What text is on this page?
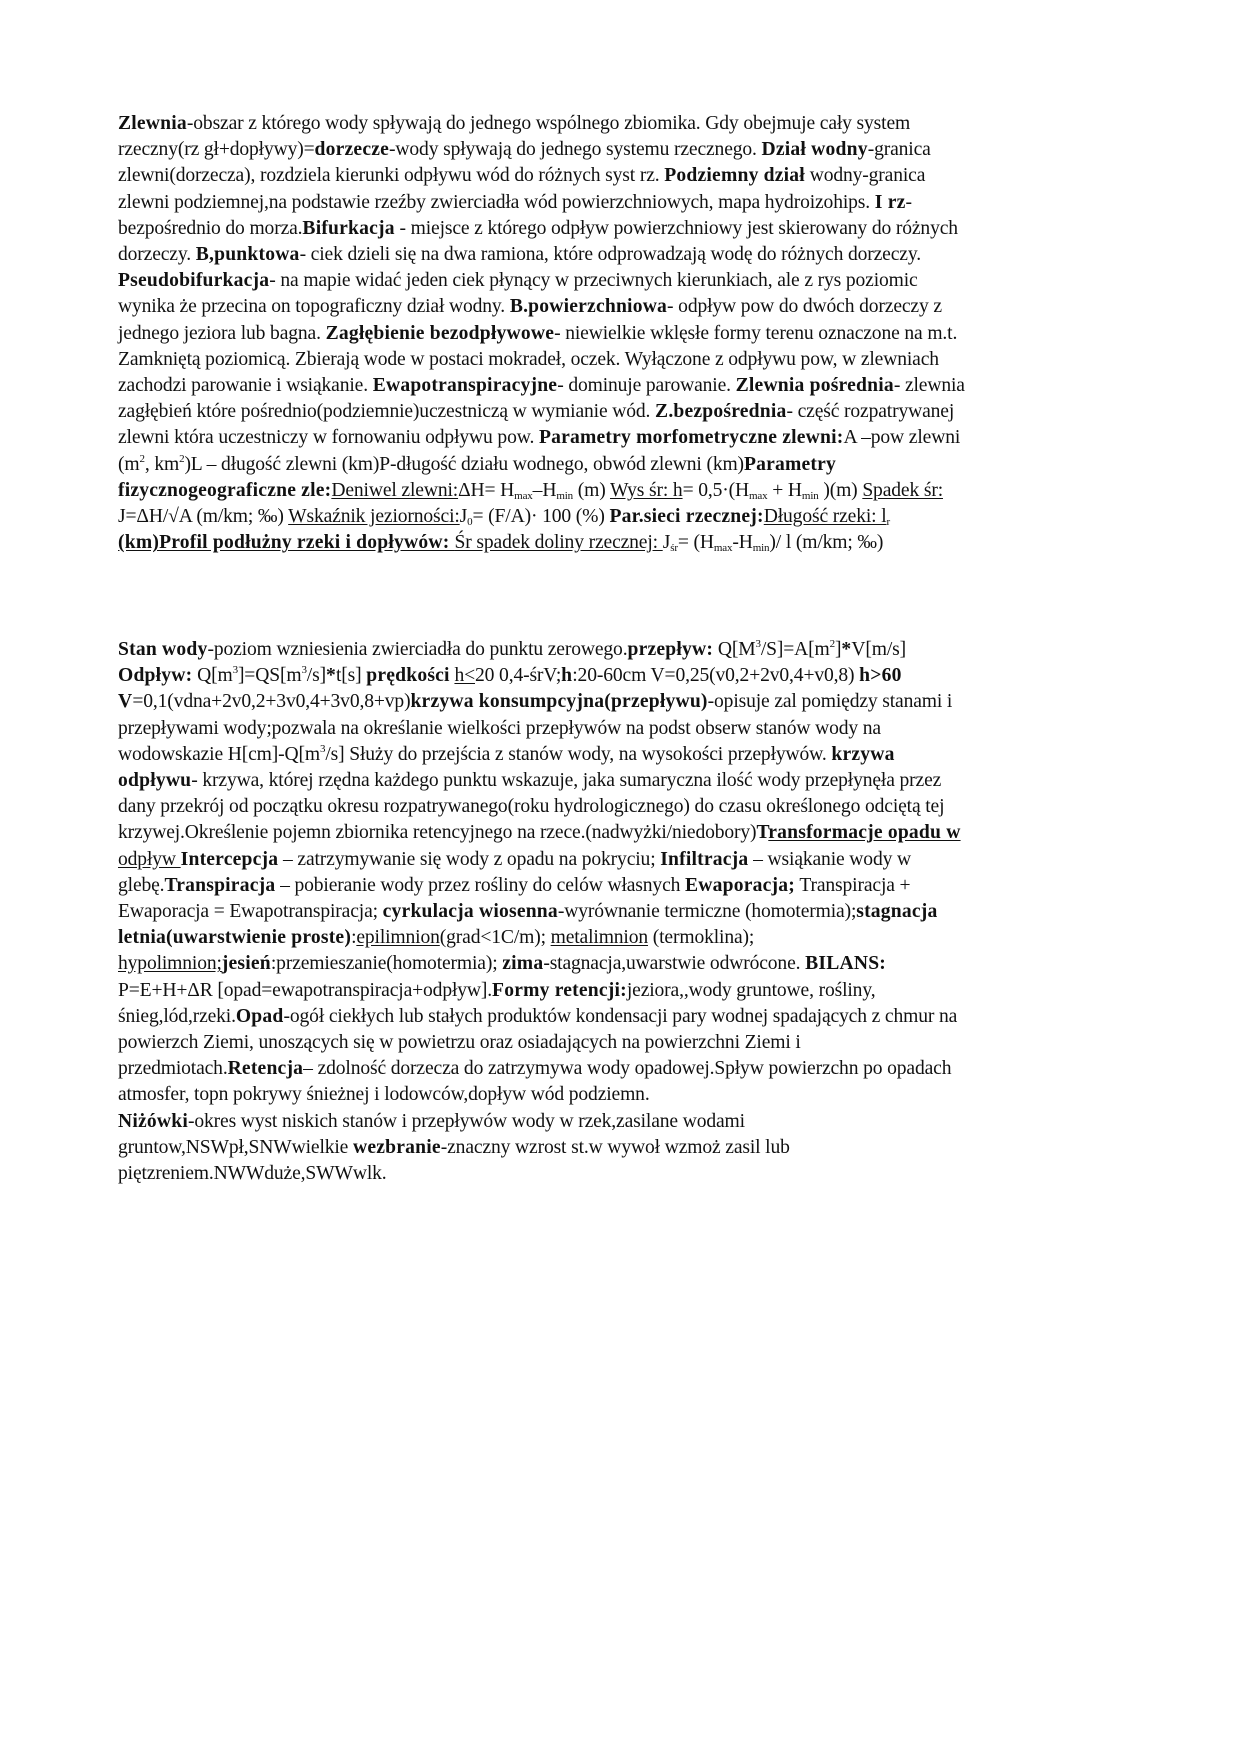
Zlewnia-obszar z którego wody spływają do jednego wspólnego zbiomika. Gdy obejmuje cały system
rzeczny(rz gł+dopływy)=dorzecze-wody spływają do jednego systemu rzecznego. Dział wodny-granica
zlewni(dorzecza), rozdziela kierunki odpływu wód do różnych syst rz. Podziemny dział wodny-granica
zlewni podziemnej,na podstawie rzeźby zwierciadła wód powierzchniowych, mapa hydroizohips. I rz-
bezpośrednio do morza.Bifurkacja - miejsce z którego odpływ powierzchniowy jest skierowany do różnych
dorzeczy. B,punktowa- ciek dzieli się na dwa ramiona, które odprowadzają wodę do różnych dorzeczy.
Pseudobifurkacja- na mapie widać jeden ciek płynący w przeciwnych kierunkiach, ale z rys poziomic
wynika że przecina on topograficzny dział wodny. B.powierzchniowa- odpływ pow do dwóch dorzeczy z
jednego jeziora lub bagna. Zagłębienie bezodpływowe- niewielkie wklęsłe formy terenu oznaczone na m.t.
Zamkniętą poziomicą. Zbierają wode w postaci mokradeł, oczek. Wyłączone z odpływu pow, w zlewniach
zachodzi parowanie i wsiąkanie. Ewapotranspiracyjne- dominuje parowanie. Zlewnia pośrednia- zlewnia
zagłębień które pośrednio(podziemnie)uczestniczą w wymianie wód. Z.bezpośrednia- część rozpatrywanej
zlewni która uczestniczy w fornowaniu odpływu pow. Parametry morfometryczne zlewni:A –pow zlewni
($m^2$, $km^2)L$ – długość zlewni (km)P-długość działu wodnego, obwód zlewni (km)Parametry
fizycznogeograficzne zle:Deniwel zlewni:ΔH= $H_{max}-H_{min}$ (m) Wys śr: $h= 0,5\cdot(H_{max} + H_{min}$ )(m) Spadek śr:
J=ΔH/√A (m/km; ‰) Wskaźnik $jeziorności:J_0= (F/A)\cdot 100$ (%) Par.sieci rzecznej:Długość rzeki: $l_r$
(km)Profil podłużny rzeki i dopływów: Śr spadek doliny rzecznej: $J_{śr}= (H_{max}-H_{min})/$ l (m/km; ‰)
Stan wody-poziom wzniesienia zwierciadła do punktu zerowego.przepływ: $Q[M^3/S]=A[m^2]*V[m/s]$
Odpływ: $Q[m^3]=QS[m^3/s]*t[s]$ prędkości h<20 0,4-śrV;h:20-60cm V=0,25(v0,2+2v0,4+v0,8) h>60
V=0,1(vdna+2v0,2+3v0,4+3v0,8+vp)krzywa konsumpcyjna(przepływu)-opisuje zal pomiędzy stanami i
przepływami wody;pozwala na określanie wielkości przepływów na podst obserw stanów wody na
wodowskazie $H[cm]-Q[m^3/s]$ Służy do przejścia z stanów wody, na wysokości przepływów. krzywa
odpływu- krzywa, której rzędna każdego punktu wskazuje, jaka sumaryczna ilość wody przepłynęła przez
dany przekrój od początku okresu rozpatrywanego(roku hydrologicznego) do czasu określonego odciętą tej
krzywej.Określenie pojemn zbiornika retencyjnego na rzece.(nadwyżki/niedobory)Transformacje opadu w
odpływ Intercepcja – zatrzymywanie się wody z opadu na pokryciu; Infiltracja – wsiąkanie wody w
glebę.Transpiracja – pobieranie wody przez rośliny do celów własnych Ewaporacja; Transpiracja +
Ewaporacja = Ewapotranspiracja; cyrkulacja wiosenna-wyrównanie termiczne (homotermia);stagnacja
letnia(uwarstwienie proste):epilimnion(grad<1C/m); metalimnion (termoklina);
hypolimnion;jesień:przemieszanie(homotermia); zima-stagnacja,uwarstwie odwrócone. BILANS:
P=E+H+ΔR [opad=ewapotranspiracja+odpływ].Formy retencji:jeziora,,wody gruntowe, rośliny,
śnieg,lód,rzeki.Opad-ogół ciekłych lub stałych produktów kondensacji pary wodnej spadających z chmur na
powierzch Ziemi, unoszących się w powietrzu oraz osiadających na powierzchni Ziemi i
przedmiotach.Retencja– zdolność dorzecza do zatrzymywa wody opadowej.Spływ powierzchn po opadach
atmosfer, topn pokrywy śnieżnej i lodowców,dopływ wód podziemn.
Niżówki-okres wyst niskich stanów i przepływów wody w rzek,zasilane wodami
gruntow,NSWpł,SNWwielkie wezbranie-znaczny wzrost st.w wywoł wzmoż zasil lub
piętzreniem.NWWduże,SWWwlk.
